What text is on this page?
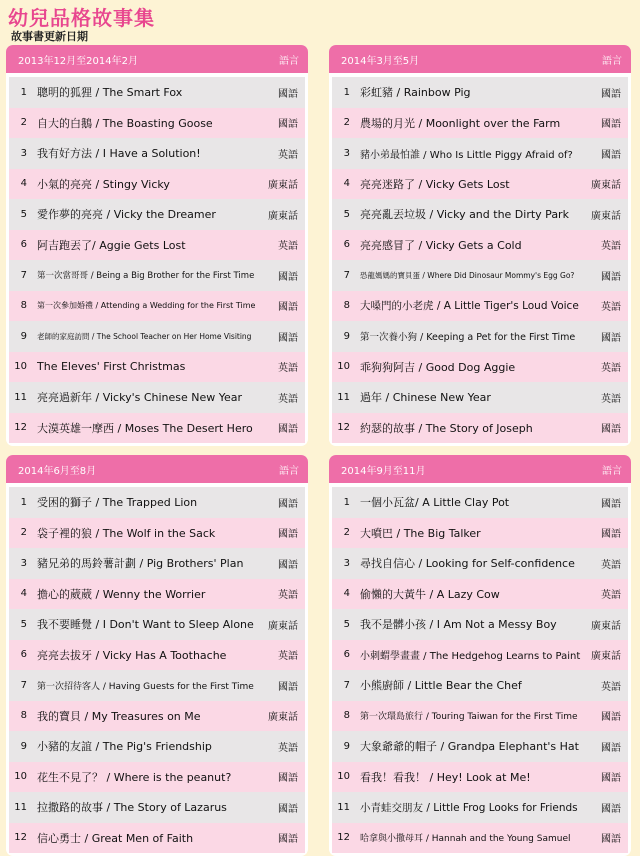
幼兒品格故事集
故事書更新日期
2013年12月至2014年2月	語言
1 聰明的狐狸 / The Smart Fox	國語
2 自大的白鵝 / The Boasting Goose	國語
3 我有好方法 / I Have a Solution!	英語
4 小氣的亮亮 / Stingy Vicky	廣東話
5 愛作夢的亮亮 / Vicky the Dreamer	廣東話
6 阿吉跑丟了/ Aggie Gets Lost	英語
7	第一次當哥哥 / Being a Big Brother for the First Time	國語
8	第一次參加婚禮 / Attending a Wedding for the First Time	國語
9	老師的家庭訪問 / The School Teacher on Her Home Visiting	國語
10 The Eleves' First Christmas	英語
11 亮亮過新年 / Vicky's Chinese New Year	英語
12 大漠英雄一摩西 / Moses The Desert Hero	國語
2014年3月至5月	語言
1 彩虹豬 / Rainbow Pig	國語
2 農場的月光 / Moonlight over the Farm	國語
3	豬小弟最怕誰 / Who Is Little Piggy Afraid of?	國語
4 亮亮迷路了 / Vicky Gets Lost	廣東話
5 亮亮亂丟垃圾 / Vicky and the Dirty Park	廣東話
6 亮亮感冒了 / Vicky Gets a Cold	英語
7	恐龍媽媽的寶貝蛋 / Where Did Dinosaur Mommy's Egg Go?	國語
8 大嗓門的小老虎 / A Little Tiger's Loud Voice	英語
9	第一次養小狗 / Keeping a Pet for the First Time	國語
10 乖狗狗阿吉 / Good Dog Aggie	英語
11 過年 / Chinese New Year	英語
12 約瑟的故事 / The Story of Joseph	國語
2014年6月至8月	語言
1 受困的獅子 / The Trapped Lion	國語
2 袋子裡的狼 / The Wolf in the Sack	國語
3 豬兄弟的馬鈴薯計劃 / Pig Brothers' Plan	國語
4 擔心的葳葳 / Wenny the Worrier	英語
5 我不要睡覺 / I Don't Want to Sleep Alone	廣東話
6 亮亮去拔牙 / Vicky Has A Toothache	英語
7	第一次招待客人 / Having Guests for the First Time	國語
8 我的寶貝 / My Treasures on Me	廣東話
9 小豬的友誼 / The Pig's Friendship	英語
10 花生不見了？ / Where is the peanut?	國語
11 拉撒路的故事 / The Story of Lazarus	國語
12 信心勇士 / Great Men of Faith	國語
2014年9月至11月	語言
1 一個小瓦盆/ A Little Clay Pot	國語
2 大噴巴 / The Big Talker	國語
3 尋找自信心 / Looking for Self-confidence	英語
4 偷懶的大黃牛 / A Lazy Cow	英語
5 我不是髒小孩 / I Am Not a Messy Boy	廣東話
6	小刺蝟學畫畫 / The Hedgehog Learns to Paint	廣東話
7 小熊廚師 / Little Bear the Chef	英語
8	第一次環島旅行 / Touring Taiwan for the First Time	國語
9 大象爺爺的帽子 / Grandpa Elephant's Hat	國語
10 看我！看我！ / Hey! Look at Me!	國語
11 小青蛙交朋友 / Little Frog Looks for Friends	國語
12	哈拿與小撒母耳 / Hannah and the Young Samuel	國語
